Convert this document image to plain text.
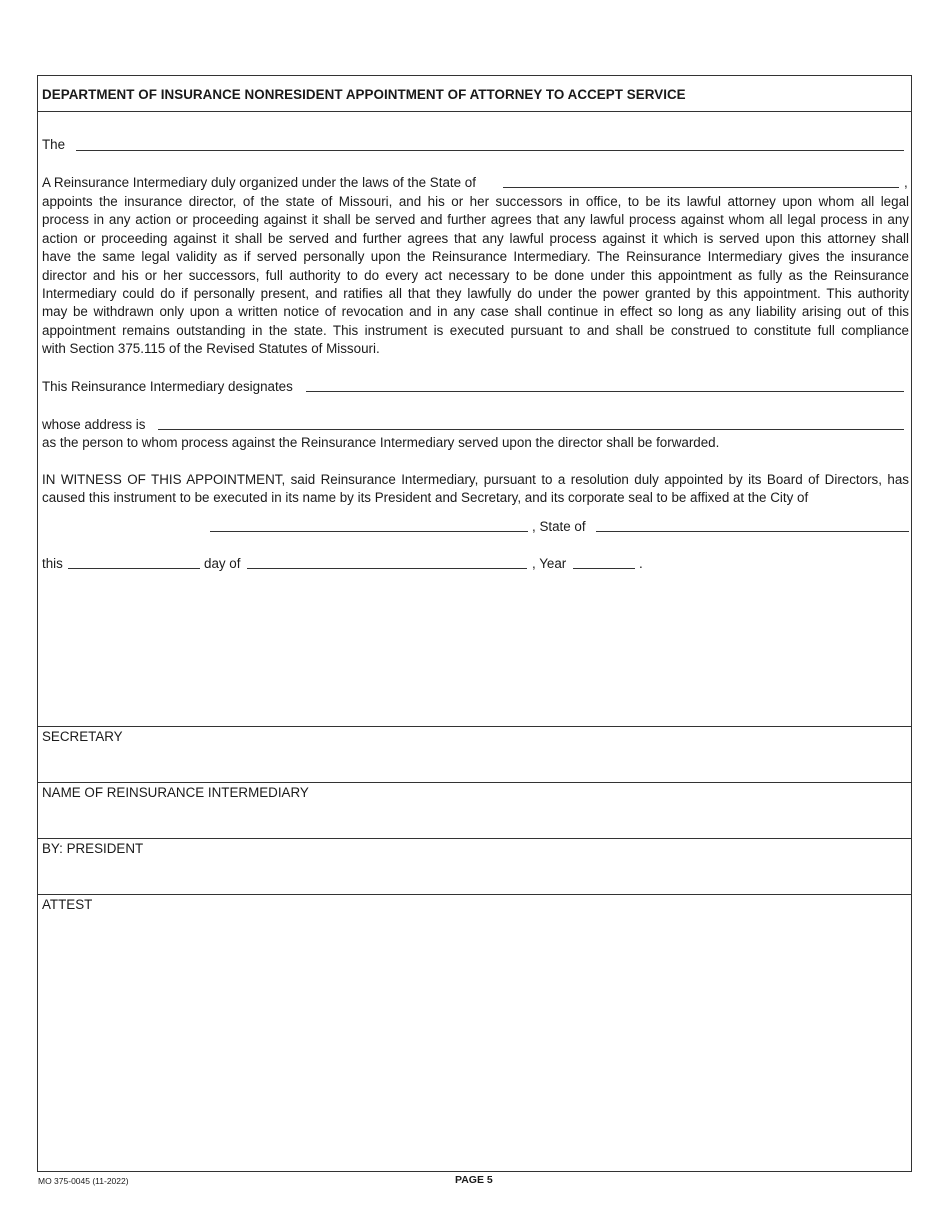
DEPARTMENT OF INSURANCE NONRESIDENT APPOINTMENT OF ATTORNEY TO ACCEPT SERVICE
The
A Reinsurance Intermediary duly organized under the laws of the State of	,
appoints the insurance director, of the state of Missouri, and his or her successors in office, to be its lawful attorney upon whom all legal
process in any action or proceeding against it shall be served and further agrees that any lawful process against whom all legal process in any
action or proceeding against it shall be served and further agrees that any lawful process against it which is served upon this attorney shall
have the same legal validity as if served personally upon the Reinsurance Intermediary. The Reinsurance Intermediary gives the insurance
director and his or her successors, full authority to do every act necessary to be done under this appointment as fully as the Reinsurance
Intermediary could do if personally present, and ratifies all that they lawfully do under the power granted by this appointment. This authority
may be withdrawn only upon a written notice of revocation and in any case shall continue in effect so long as any liability arising out of this
appointment remains outstanding in the state. This instrument is executed pursuant to and shall be construed to constitute full compliance
with Section 375.115 of the Revised Statutes of Missouri.
This Reinsurance Intermediary designates
whose address is
as the person to whom process against the Reinsurance Intermediary served upon the director shall be forwarded.
IN WITNESS OF THIS APPOINTMENT, said Reinsurance Intermediary, pursuant to a resolution duly appointed by its Board of Directors, has
caused this instrument to be executed in its name by its President and Secretary, and its corporate seal to be affixed at the City of
, State of
this	day of	, Year	.
SECRETARY
NAME OF REINSURANCE INTERMEDIARY
BY: PRESIDENT
ATTEST
MO 375-0045 (11-2022)	PAGE 5
